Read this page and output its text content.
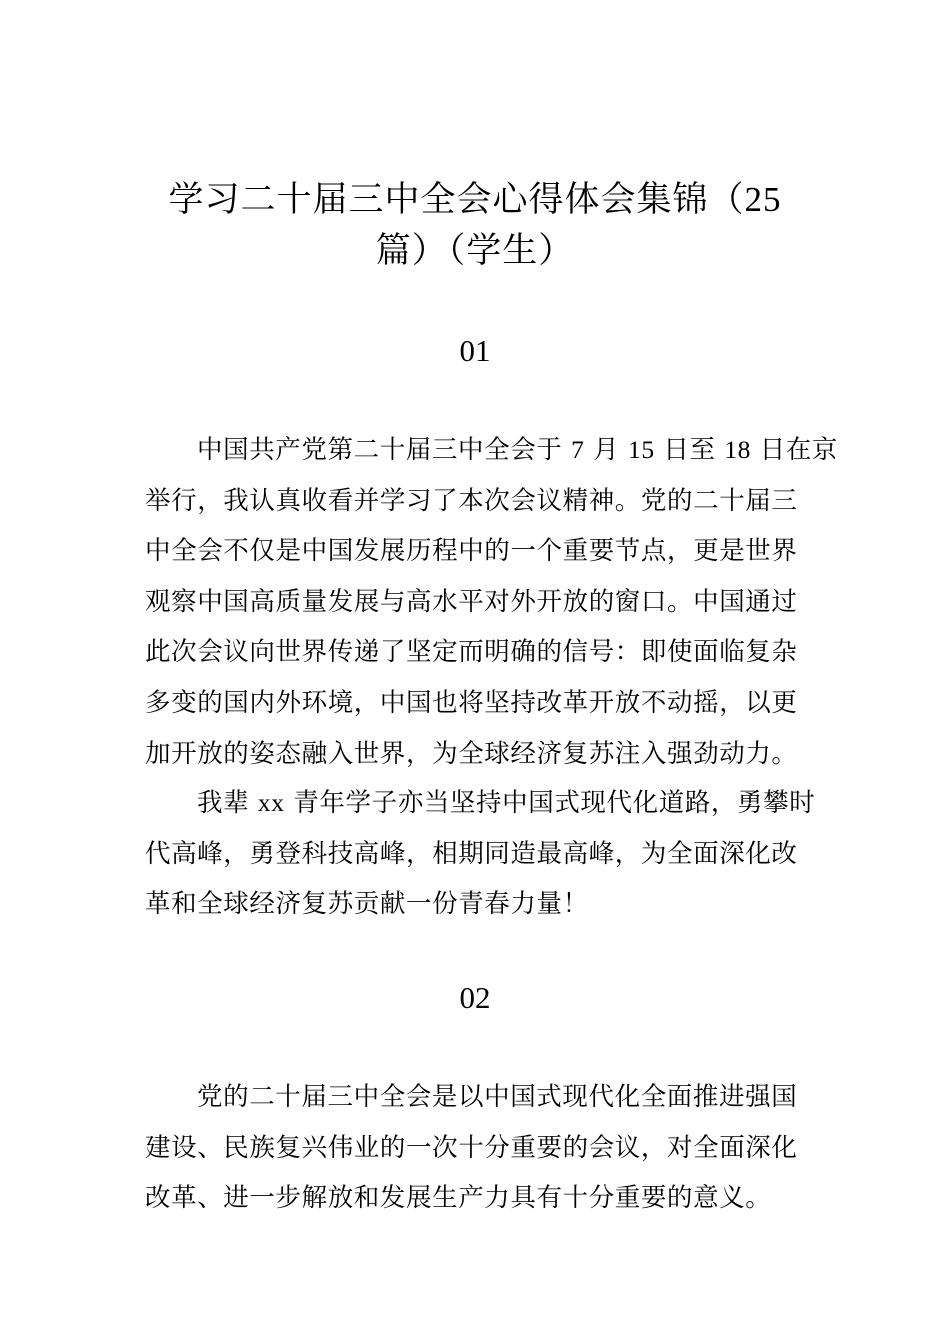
学习二十届三中全会心得体会集锦（25
篇）（学生）
01
中国共产党第二十届三中全会于 7 月 15 日至 18 日在京
举行，我认真收看并学习了本次会议精神。党的二十届三
中全会不仅是中国发展历程中的一个重要节点，更是世界
观察中国高质量发展与高水平对外开放的窗口。中国通过
此次会议向世界传递了坚定而明确的信号：即使面临复杂
多变的国内外环境，中国也将坚持改革开放不动摇，以更
加开放的姿态融入世界，为全球经济复苏注入强劲动力。
我辈 xx 青年学子亦当坚持中国式现代化道路，勇攀时
代高峰，勇登科技高峰，相期同造最高峰，为全面深化改
革和全球经济复苏贡献一份青春力量！
02
党的二十届三中全会是以中国式现代化全面推进强国
建设、民族复兴伟业的一次十分重要的会议，对全面深化
改革、进一步解放和发展生产力具有十分重要的意义。
